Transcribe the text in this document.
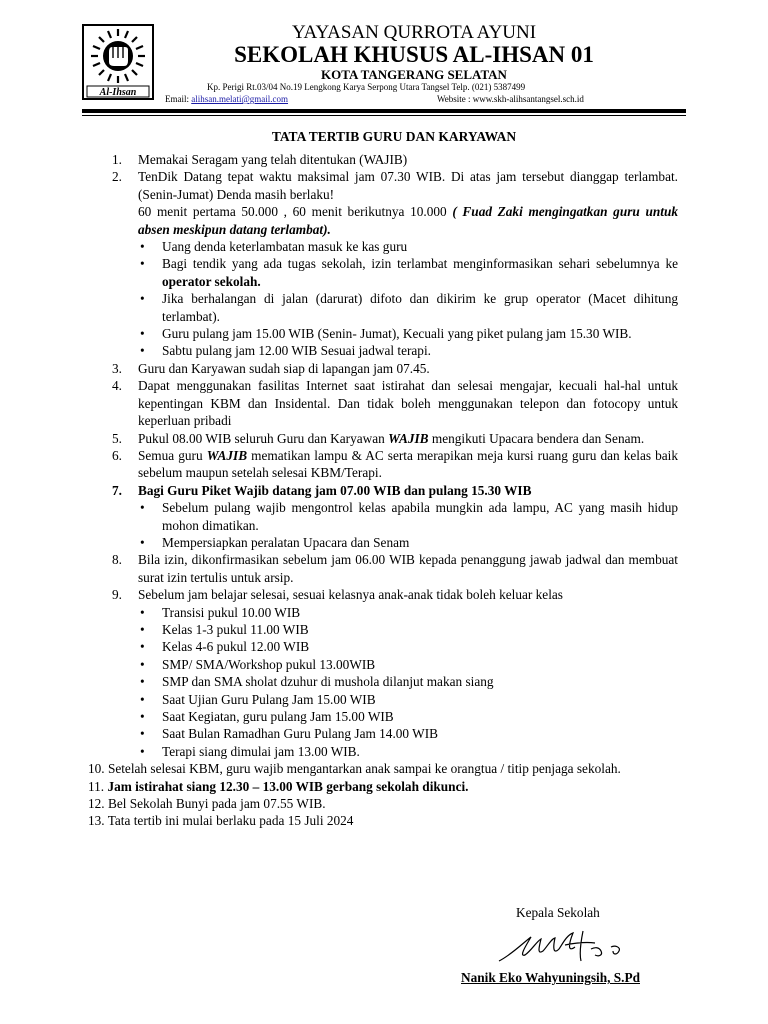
Al-Ihsan
YAYASAN QURROTA AYUNI
SEKOLAH KHUSUS AL-IHSAN 01
KOTA TANGERANG SELATAN
Kp. Perigi Rt.03/04 No.19 Lengkong Karya Serpong Utara Tangsel Telp. (021) 5387499
Email: alihsan.melati@gmail.com	Website : www.skh-alihsantangsel.sch.id
TATA TERTIB GURU DAN KARYAWAN
1.	Memakai Seragam yang telah ditentukan (WAJIB)
2.	TenDik Datang tepat waktu maksimal jam 07.30 WIB. Di atas jam tersebut dianggap terlambat. (Senin-Jumat) Denda masih berlaku!
60 menit pertama 50.000 , 60 menit berikutnya 10.000 ( Fuad Zaki mengingatkan guru untuk absen meskipun datang terlambat).
• Uang denda keterlambatan masuk ke kas guru
• Bagi tendik yang ada tugas sekolah, izin terlambat menginformasikan sehari sebelumnya ke operator sekolah.
• Jika berhalangan di jalan (darurat) difoto dan dikirim ke grup operator (Macet dihitung terlambat).
• Guru pulang jam 15.00 WIB (Senin- Jumat), Kecuali yang piket pulang jam 15.30 WIB.
• Sabtu pulang jam 12.00 WIB Sesuai jadwal terapi.
3.	Guru dan Karyawan sudah siap di lapangan jam 07.45.
4.	Dapat menggunakan fasilitas Internet saat istirahat dan selesai mengajar, kecuali hal-hal untuk kepentingan KBM dan Insidental. Dan tidak boleh menggunakan telepon dan fotocopy untuk keperluan pribadi
5.	Pukul 08.00 WIB seluruh Guru dan Karyawan WAJIB mengikuti Upacara bendera dan Senam.
6.	Semua guru WAJIB mematikan lampu & AC serta merapikan meja kursi ruang guru dan kelas baik sebelum maupun setelah selesai KBM/Terapi.
7.	Bagi Guru Piket Wajib datang jam 07.00 WIB dan pulang 15.30 WIB
• Sebelum pulang wajib mengontrol kelas apabila mungkin ada lampu, AC yang masih hidup mohon dimatikan.
• Mempersiapkan peralatan Upacara dan Senam
8.	Bila izin, dikonfirmasikan sebelum jam 06.00 WIB kepada penanggung jawab jadwal dan membuat surat izin tertulis untuk arsip.
9.	Sebelum jam belajar selesai, sesuai kelasnya anak-anak tidak boleh keluar kelas
• Transisi pukul 10.00 WIB
• Kelas 1-3 pukul 11.00 WIB
• Kelas 4-6 pukul 12.00 WIB
• SMP/ SMA/Workshop pukul 13.00WIB
• SMP dan SMA sholat dzuhur di mushola dilanjut makan siang
• Saat Ujian Guru Pulang Jam 15.00 WIB
• Saat Kegiatan, guru pulang Jam 15.00 WIB
• Saat Bulan Ramadhan Guru Pulang Jam 14.00 WIB
• Terapi siang dimulai jam 13.00 WIB.
10. Setelah selesai KBM, guru wajib mengantarkan anak sampai ke orangtua / titip penjaga sekolah.
11. Jam istirahat siang 12.30 – 13.00 WIB gerbang sekolah dikunci.
12. Bel Sekolah Bunyi pada jam 07.55 WIB.
13. Tata tertib ini mulai berlaku pada 15 Juli 2024
Kepala Sekolah
Nanik Eko Wahyuningsih, S.Pd
